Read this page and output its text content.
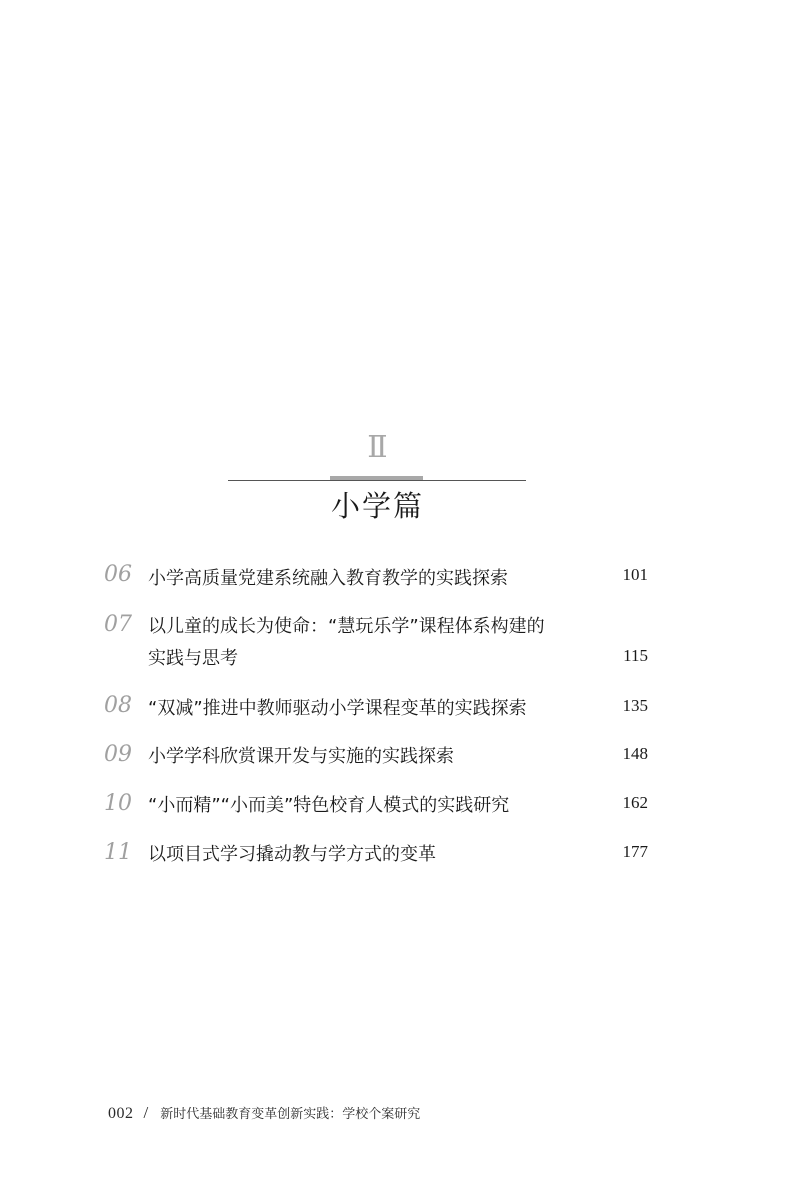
Ⅱ
小学篇
06 小学高质量党建系统融入教育教学的实践探索	101
07 以儿童的成长为使命：“慧玩乐学”课程体系构建的
实践与思考	115
08 “双减”推进中教师驱动小学课程变革的实践探索	135
09 小学学科欣赏课开发与实施的实践探索	148
10 “小而精”“小而美”特色校育人模式的实践研究	162
11 以项目式学习撬动教与学方式的变革	177
002 / 新时代基础教育变革创新实践：学校个案研究
